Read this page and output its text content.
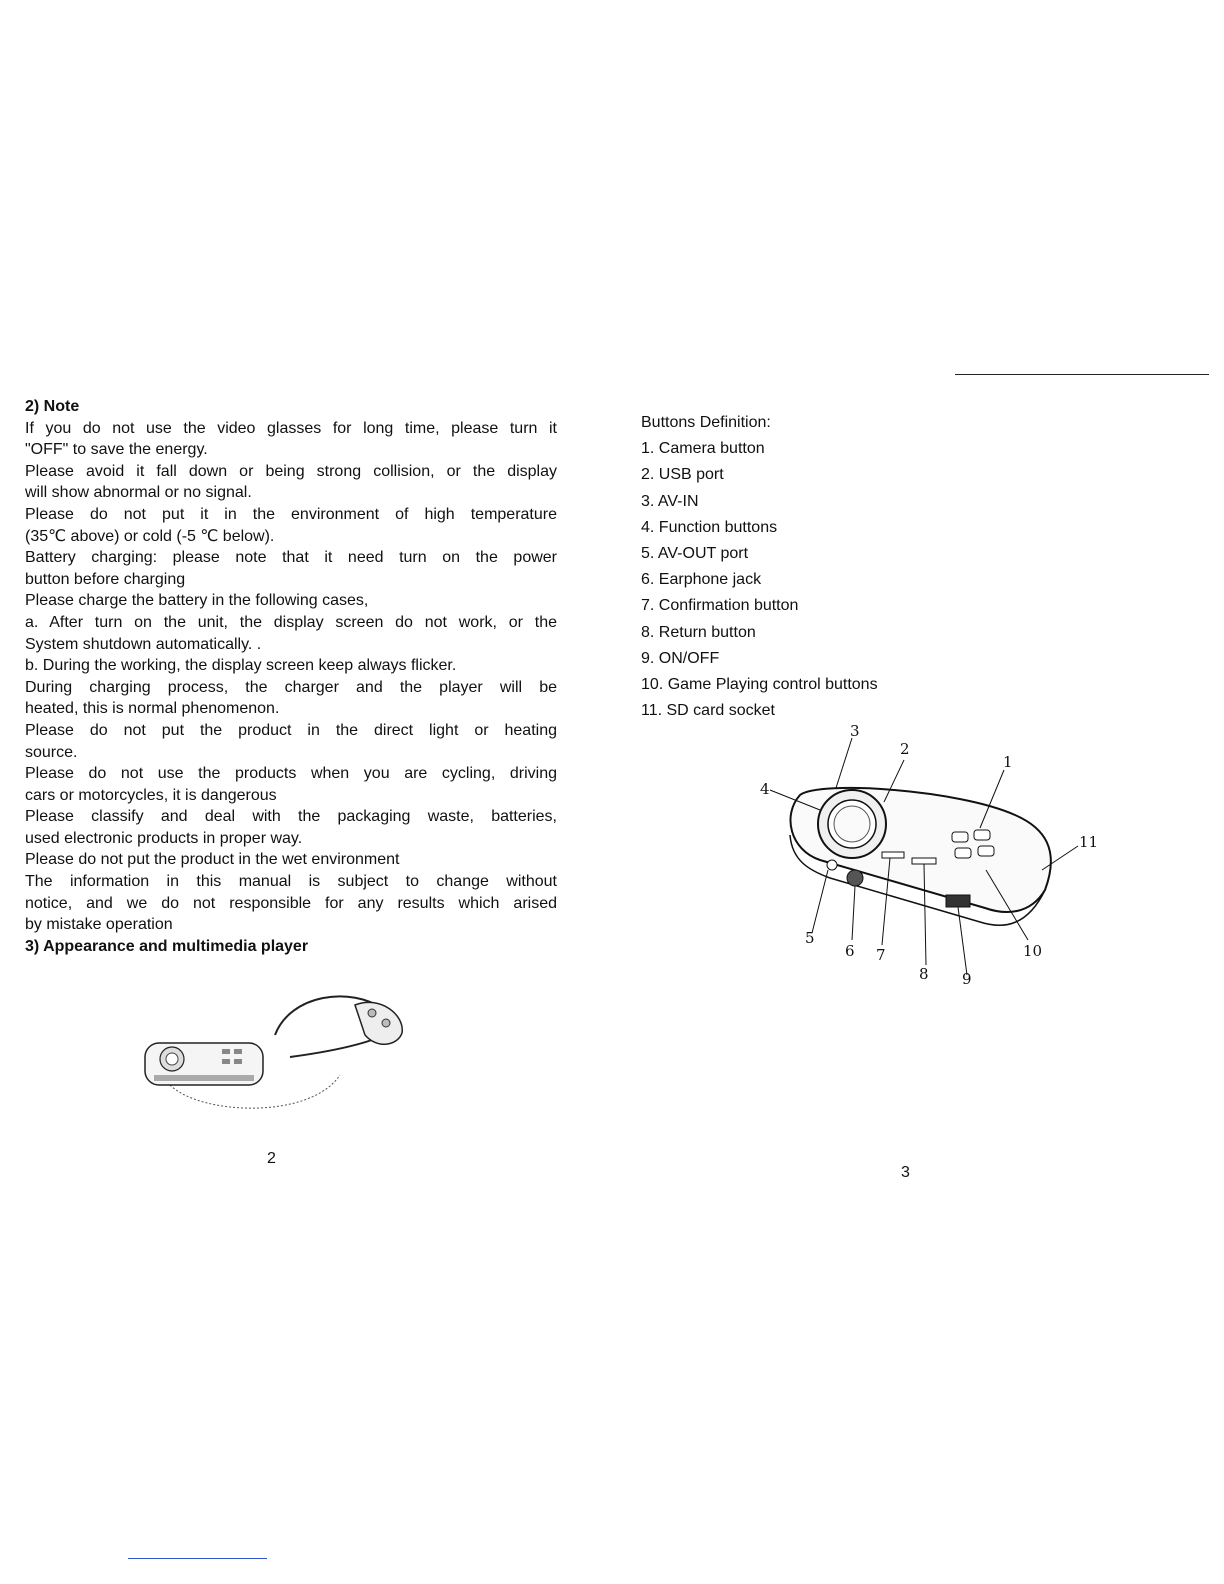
2) Note
If you do not use the video glasses for long time, please turn it
"OFF" to save the energy.
Please avoid it fall down or being strong collision, or the display
will show abnormal or no signal.
Please do not put it in the environment of high temperature
(35℃ above) or cold (-5 ℃ below).
Battery charging: please note that it need turn on the power
button before charging
Please charge the battery in the following cases,
a. After turn on the unit, the display screen do not work, or the
System shutdown automatically. .
b. During the working, the display screen keep always flicker.
During charging process, the charger and the player will be
heated, this is normal phenomenon.
Please do not put the product in the direct light or heating
source.
Please do not use the products when you are cycling, driving
cars or motorcycles, it is dangerous
Please classify and deal with the packaging waste, batteries,
used electronic products in proper way.
Please do not put the product in the wet environment
The information in this manual is subject to change without
notice, and we do not responsible for any results which arised
by mistake operation
3) Appearance and multimedia player
2
Buttons Definition:
1. Camera button
2. USB port
3. AV-IN
4. Function buttons
5. AV-OUT port
6. Earphone jack
7. Confirmation button
8. Return button
9. ON/OFF
10. Game Playing control buttons
11. SD card socket
3
2
1
4
11
5
6 7	10
8 9
3
